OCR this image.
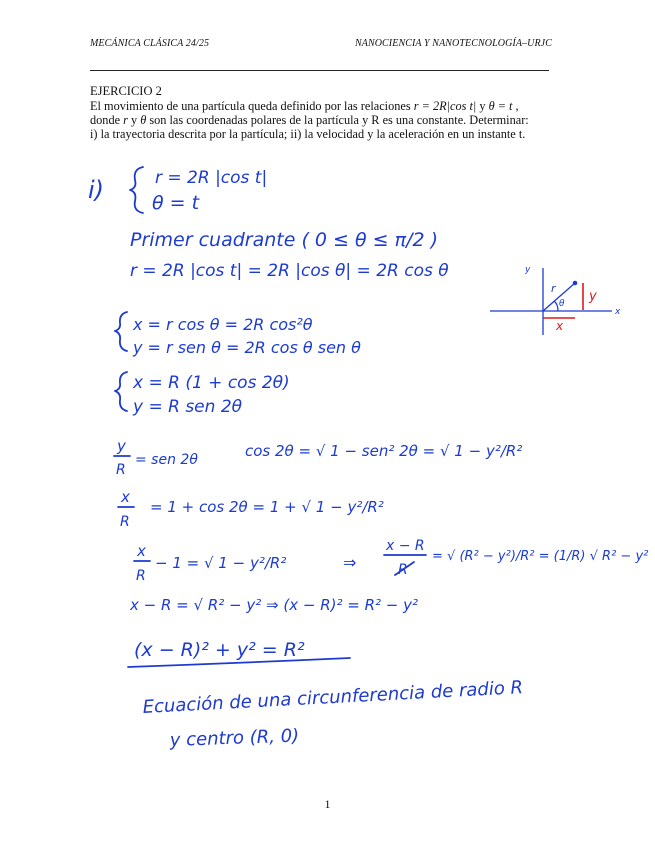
MECÁNICA CLÁSICA 24/25	NANOCIENCIA Y NANOTECNOLOGÍA–URJC
EJERCICIO 2
El movimiento de una partícula queda definido por las relaciones r = 2R|cos t| y θ = t ,
donde r y θ son las coordenadas polares de la partícula y R es una constante. Determinar:
i) la trayectoria descrita por la partícula; ii) la velocidad y la aceleración en un instante t.
i)	r = 2R |cos t|
θ = t
Primer cuadrante ( 0 ≤ θ ≤ π/2 )
r = 2R |cos t| = 2R |cos θ| = 2R cos θ	y
x
r
θ y
x
x = r cos θ = 2R cos²θ
y = r sen θ = 2R cos θ sen θ
x = R (1 + cos 2θ)
y = R sen 2θ
y
R
= sen 2θ	cos 2θ = √ 1 − sen² 2θ = √ 1 − y²/R²
x
R
= 1 + cos 2θ = 1 + √ 1 − y²/R²
x
R
− 1 = √ 1 − y²/R²	⇒
x − R
R
= √ (R² − y²)/R² = (1/R) √ R² − y²
x − R = √ R² − y² ⇒ (x − R)² = R² − y²
(x − R)² + y² = R²
Ecuación de una circunferencia de radio R
y centro (R, 0)
1
